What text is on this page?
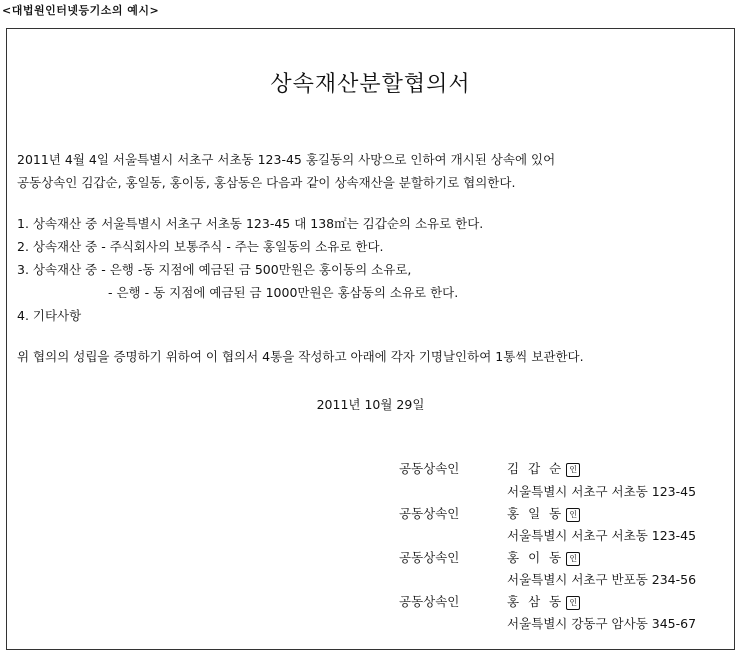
<대법원인터넷등기소의 예시>
상속재산분할협의서
2011년 4월 4일 서울특별시 서초구 서초동 123-45 홍길동의 사망으로 인하여 개시된 상속에 있어
공동상속인 김갑순, 홍일동, 홍이동, 홍삼동은 다음과 같이 상속재산을 분할하기로 협의한다.
1. 상속재산 중 서울특별시 서초구 서초동 123-45 대 138㎡는 김갑순의 소유로 한다.
2. 상속재산 중 - 주식회사의 보통주식 - 주는 홍일동의 소유로 한다.
3. 상속재산 중 - 은행 -동 지점에 예금된 금 500만원은 홍이동의 소유로,
- 은행 - 동 지점에 예금된 금 1000만원은 홍삼동의 소유로 한다.
4. 기타사항
위 협의의 성립을 증명하기 위하여 이 협의서 4통을 작성하고 아래에 각자 기명날인하여 1통씩 보관한다.
2011년 10월 29일
공동상속인	김갑순인
서울특별시 서초구 서초동 123-45
공동상속인	홍일동인
서울특별시 서초구 서초동 123-45
공동상속인	홍이동인
서울특별시 서초구 반포동 234-56
공동상속인	홍삼동인
서울특별시 강동구 암사동 345-67
